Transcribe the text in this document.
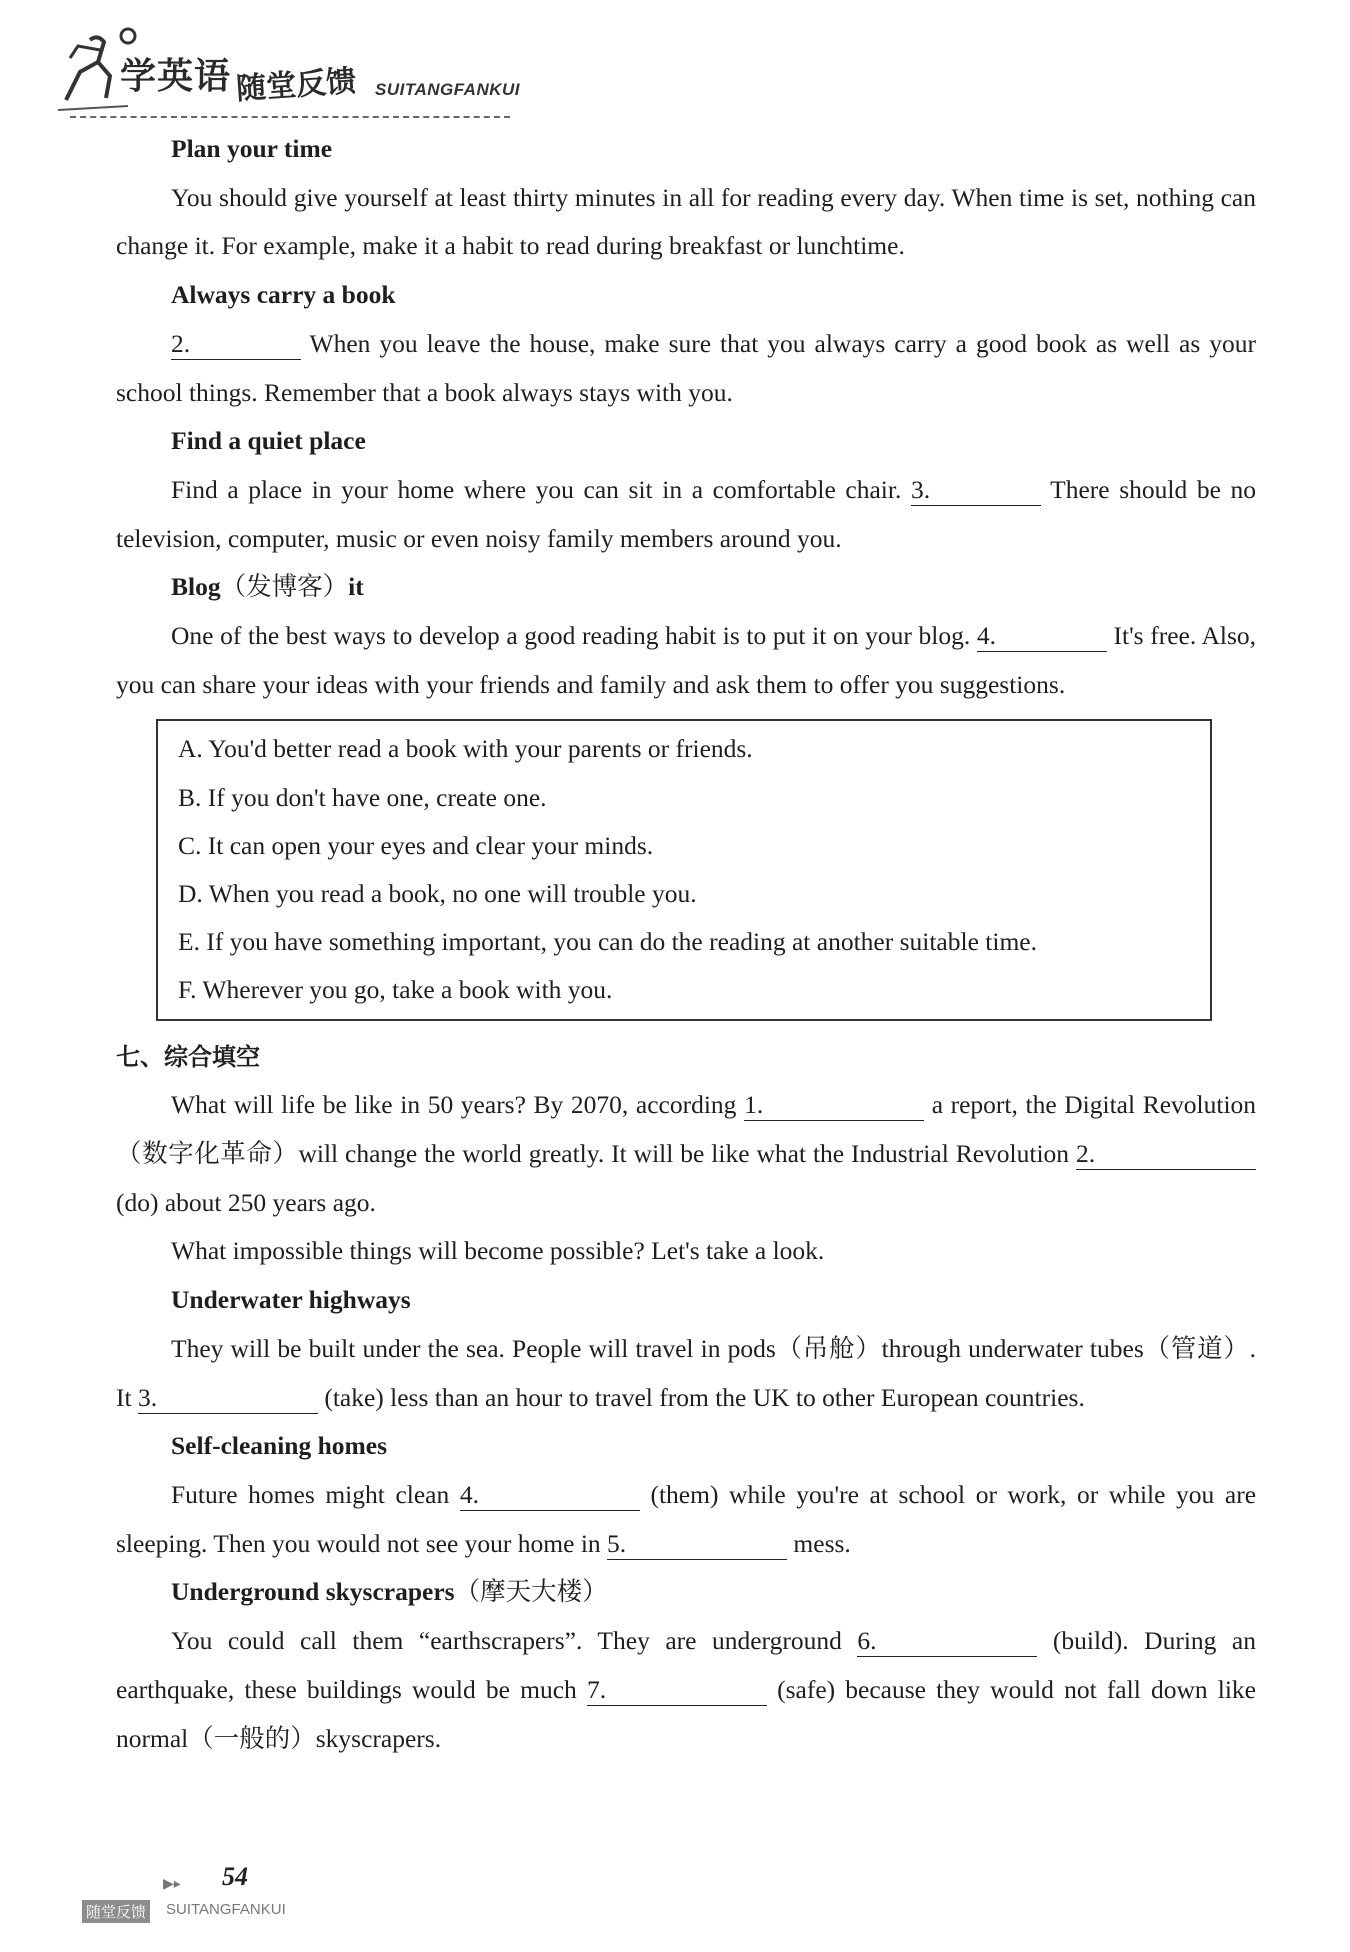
学英语 随堂反馈 SUITANGFANKUI

Plan your time

You should give yourself at least thirty minutes in all for reading every day. When time is set, nothing can change it. For example, make it a habit to read during breakfast or lunchtime.

Always carry a book

2.	When you leave the house, make sure that you always carry a good book as well as your school things. Remember that a book always stays with you.

Find a quiet place

Find a place in your home where you can sit in a comfortable chair. 3.	There should be no television, computer, music or even noisy family members around you.

Blog（发博客）it

One of the best ways to develop a good reading habit is to put it on your blog. 4.	It's free. Also, you can share your ideas with your friends and family and ask them to offer you suggestions.

A. You'd better read a book with your parents or friends.

B. If you don't have one, create one.

C. It can open your eyes and clear your minds.

D. When you read a book, no one will trouble you.

E. If you have something important, you can do the reading at another suitable time.

F. Wherever you go, take a book with you.

七、综合填空

What will life be like in 50 years? By 2070, according 1.	a report, the Digital Revolution（数字化革命）will change the world greatly. It will be like what the Industrial Revolution 2. (do) about 250 years ago.

What impossible things will become possible? Let's take a look.

Underwater highways

They will be built under the sea. People will travel in pods（吊舱）through underwater tubes（管道）. It 3.	(take) less than an hour to travel from the UK to other European countries.

Self-cleaning homes

Future homes might clean 4.	(them) while you're at school or work, or while you are sleeping. Then you would not see your home in 5.	mess.

Underground skyscrapers（摩天大楼）

You could call them “earthscrapers”. They are underground 6.	(build). During an earthquake, these buildings would be much 7.	(safe) because they would not fall down like normal（一般的）skyscrapers.

▶▸ 54
随堂反馈 SUITANGFANKUI
